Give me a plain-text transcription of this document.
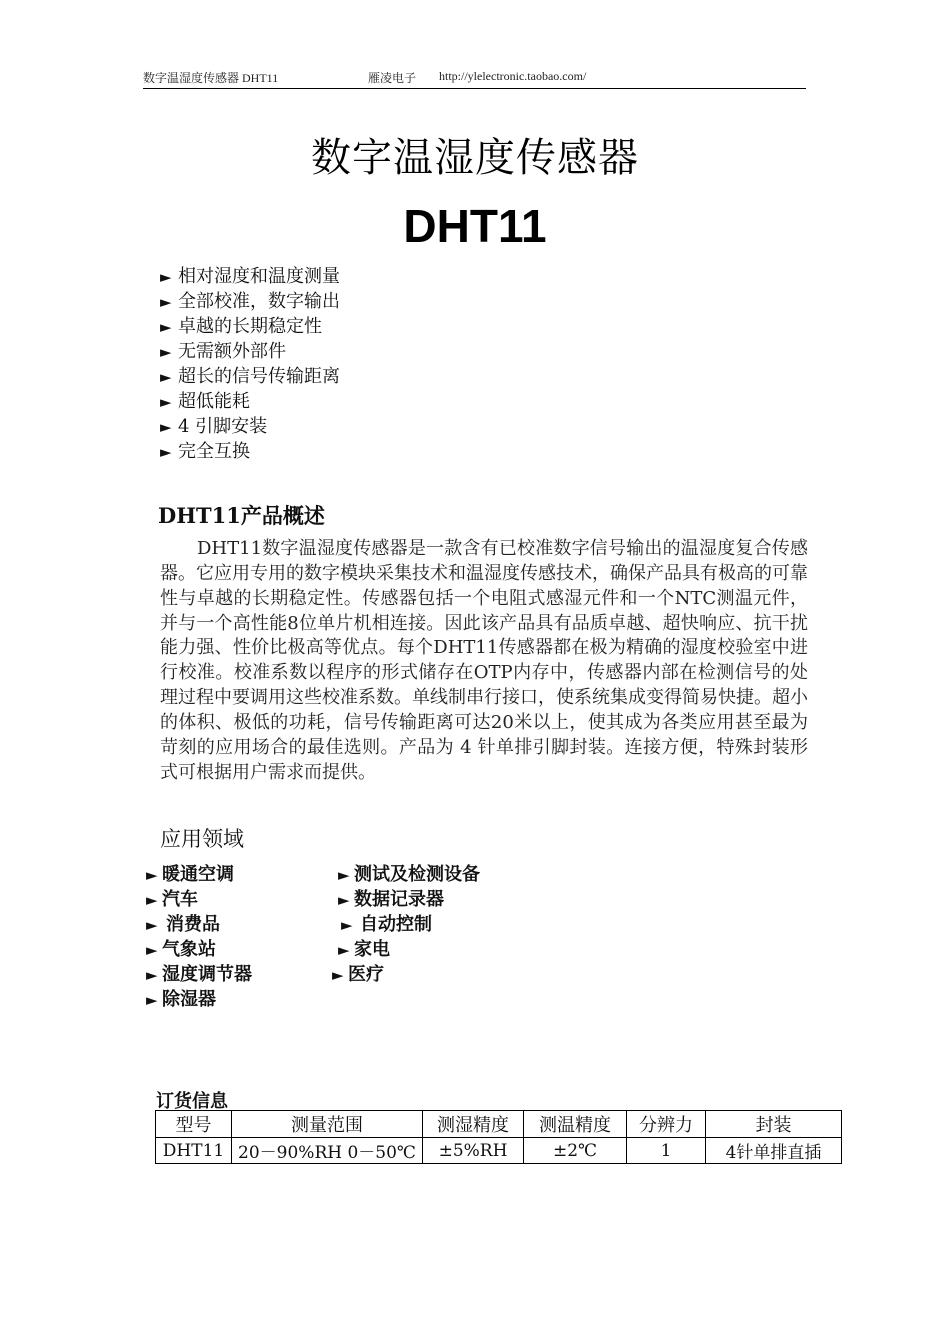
数字温湿度传感器 DHT11	雁凌电子 http://ylelectronic.taobao.com/
数字温湿度传感器
DHT11
► 相对湿度和温度测量
► 全部校准，数字输出
► 卓越的长期稳定性
► 无需额外部件
► 超长的信号传输距离
► 超低能耗
► 4 引脚安装
► 完全互换
DHT11产品概述
DHT11数字温湿度传感器是一款含有已校准数字信号输出的温湿度复合传感器。它应用专用的数字模块采集技术和温湿度传感技术，确保产品具有极高的可靠性与卓越的长期稳定性。传感器包括一个电阻式感湿元件和一个NTC测温元件，并与一个高性能8位单片机相连接。因此该产品具有品质卓越、超快响应、抗干扰能力强、性价比极高等优点。每个DHT11传感器都在极为精确的湿度校验室中进行校准。校准系数以程序的形式储存在OTP内存中，传感器内部在检测信号的处理过程中要调用这些校准系数。单线制串行接口，使系统集成变得简易快捷。超小的体积、极低的功耗，信号传输距离可达20米以上，使其成为各类应用甚至最为苛刻的应用场合的最佳选则。产品为 4 针单排引脚封装。连接方便，特殊封装形式可根据用户需求而提供。
应用领域
► 暖通空调
► 汽车
► 消费品
► 气象站
► 湿度调节器
► 除湿器
► 测试及检测设备
► 数据记录器
► 自动控制
► 家电
► 医疗
订货信息
型号	测量范围	测湿精度	测温精度	分辨力	封装
DHT11	20－90%RH 0－50℃	±5%RH	±2℃	1	4针单排直插
